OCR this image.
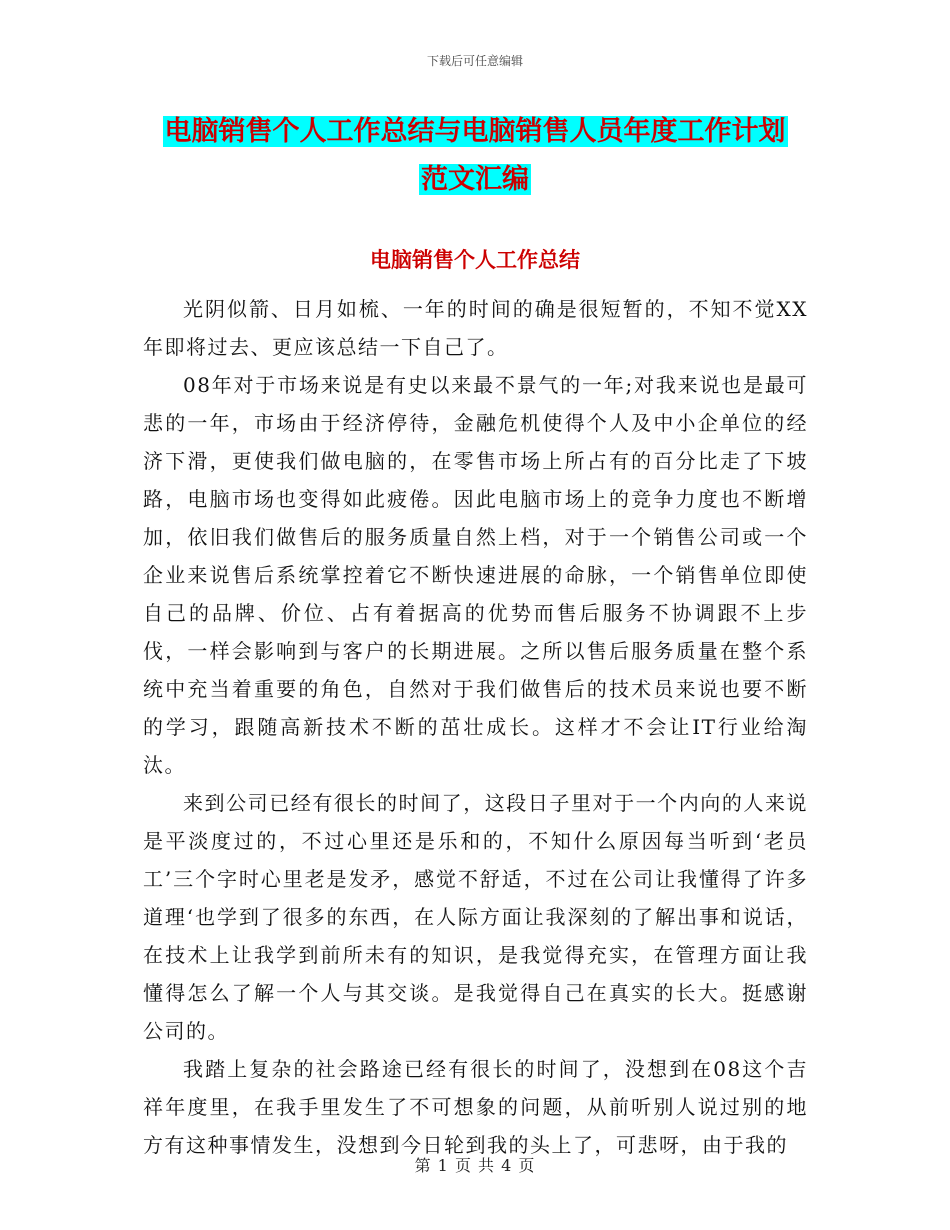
下载后可任意编辑
电脑销售个人工作总结与电脑销售人员年度工作计划
范文汇编
电脑销售个人工作总结

光阴似箭、日月如梳、一年的时间的确是很短暂的，不知不觉XX年即将过去、更应该总结一下自己了。

08年对于市场来说是有史以来最不景气的一年;对我来说也是最可悲的一年，市场由于经济停待，金融危机使得个人及中小企单位的经济下滑，更使我们做电脑的，在零售市场上所占有的百分比走了下坡路，电脑市场也变得如此疲倦。因此电脑市场上的竞争力度也不断增加，依旧我们做售后的服务质量自然上档，对于一个销售公司或一个企业来说售后系统掌控着它不断快速进展的命脉，一个销售单位即使自己的品牌、价位、占有着据高的优势而售后服务不协调跟不上步伐，一样会影响到与客户的长期进展。之所以售后服务质量在整个系统中充当着重要的角色，自然对于我们做售后的技术员来说也要不断的学习，跟随高新技术不断的茁壮成长。这样才不会让IT行业给淘汰。

来到公司已经有很长的时间了，这段日子里对于一个内向的人来说是平淡度过的，不过心里还是乐和的，不知什么原因每当听到‘老员工’三个字时心里老是发矛，感觉不舒适，不过在公司让我懂得了许多道理‘也学到了很多的东西，在人际方面让我深刻的了解出事和说话，在技术上让我学到前所未有的知识，是我觉得充实，在管理方面让我懂得怎么了解一个人与其交谈。是我觉得自己在真实的长大。挺感谢公司的。

我踏上复杂的社会路途已经有很长的时间了，没想到在08这个吉祥年度里，在我手里发生了不可想象的问题，从前听别人说过别的地方有这种事情发生，没想到今日轮到我的头上了，可悲呀，由于我的

第 1 页 共 4 页
